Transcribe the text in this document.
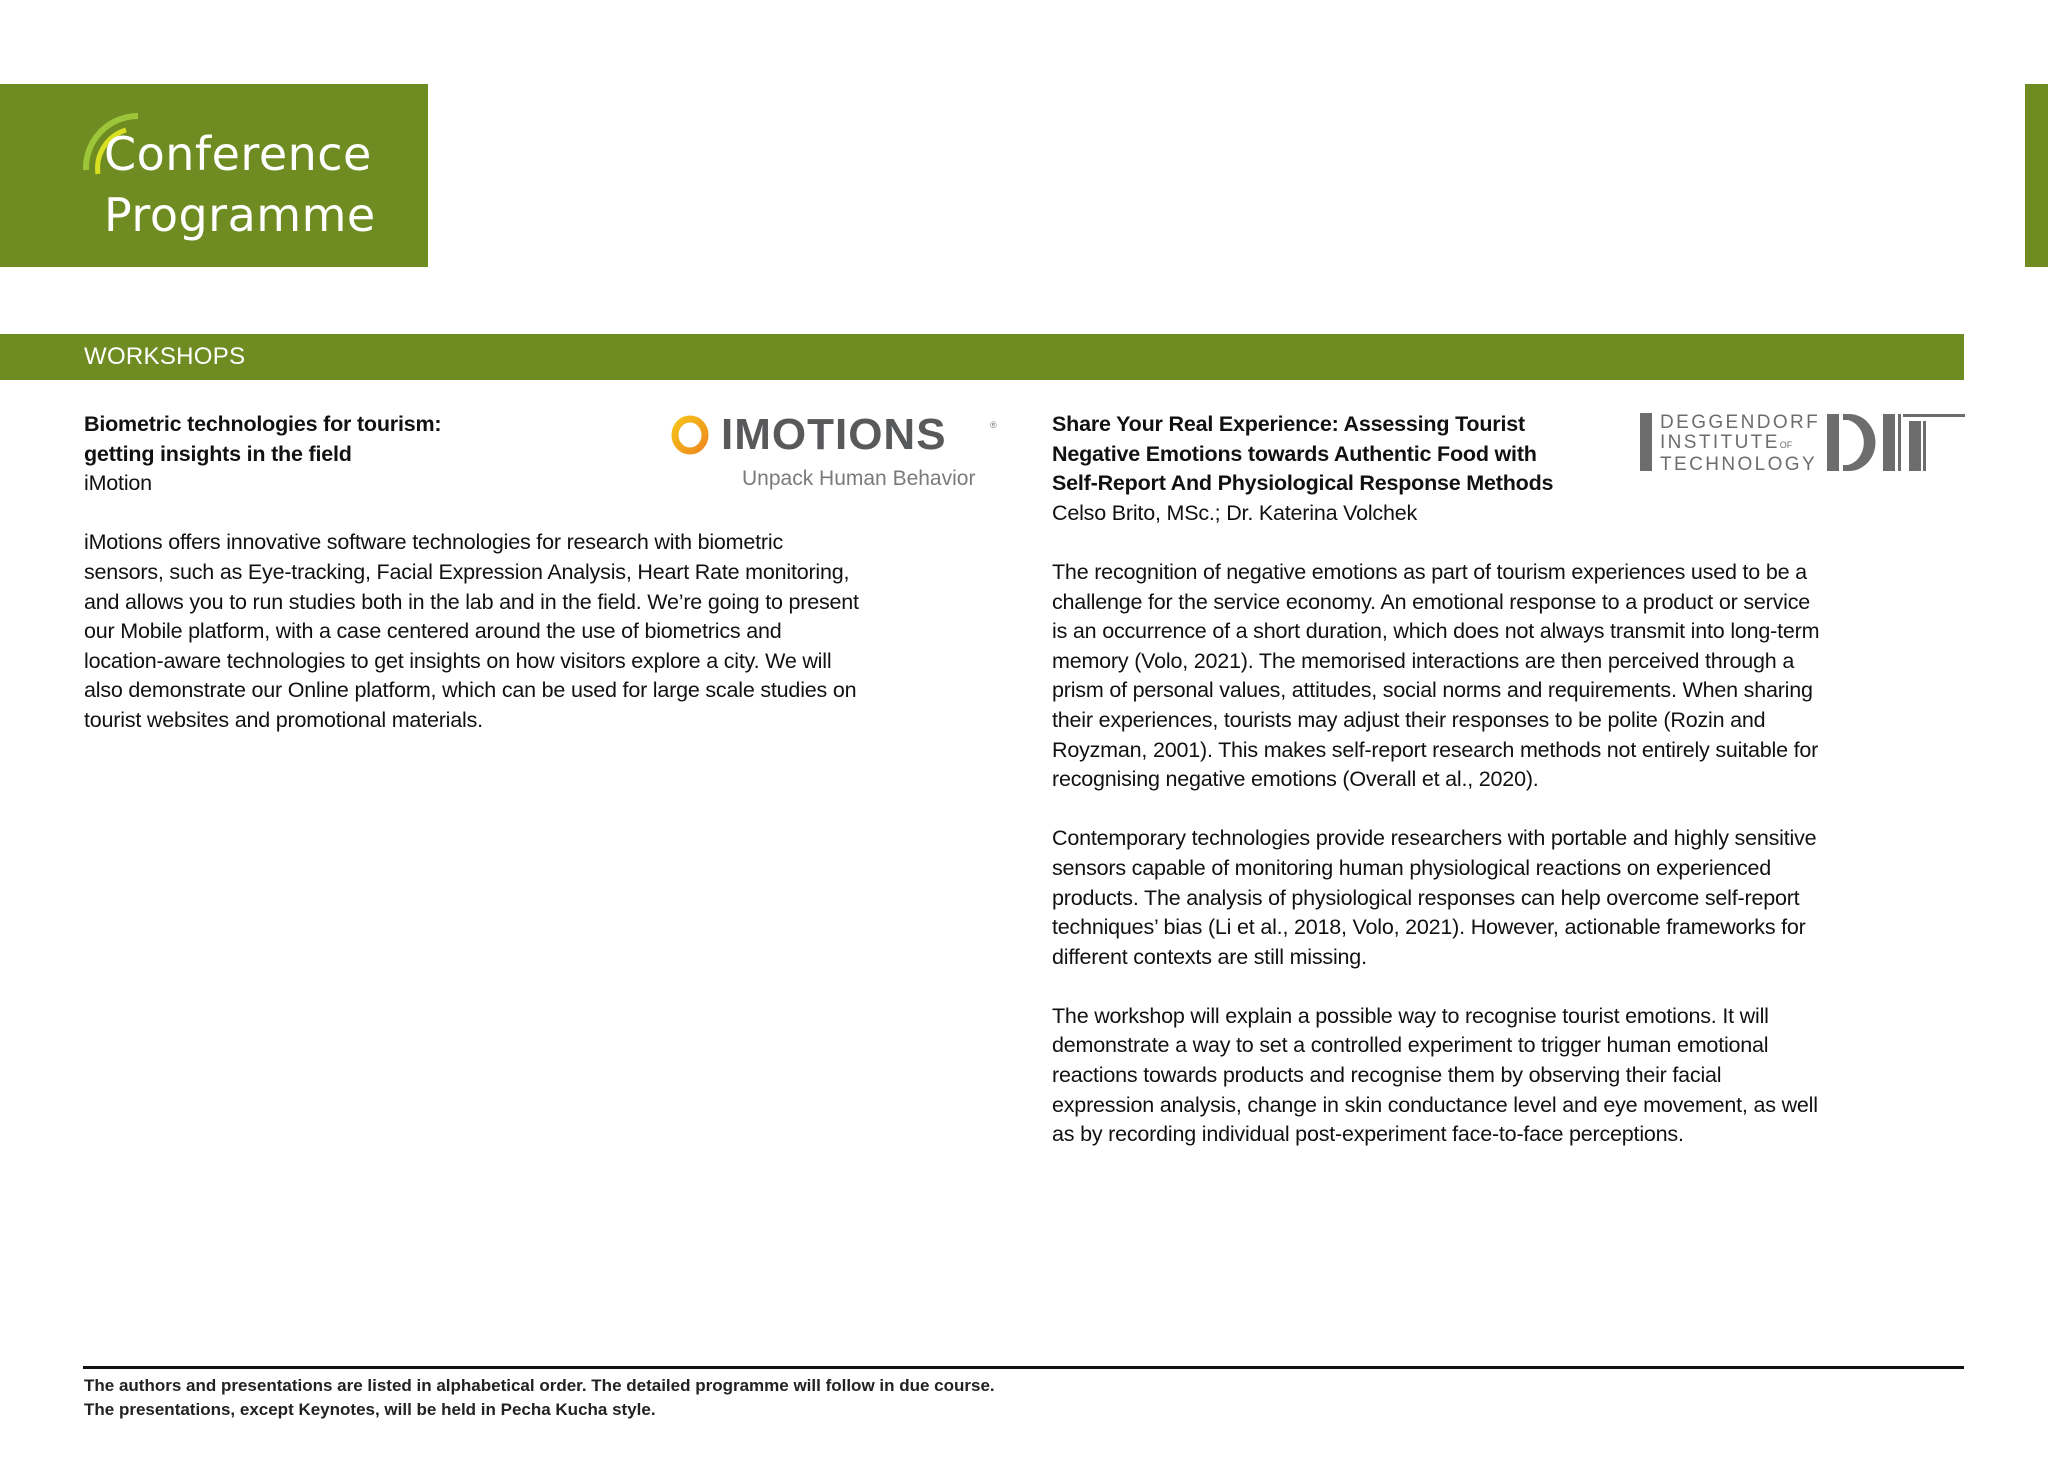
Conference
Programme
WORKSHOPS
Biometric technologies for tourism:
getting insights in the field
iMotion
iMotions offers innovative software technologies for research with biometric
sensors, such as Eye-tracking, Facial Expression Analysis, Heart Rate monitoring,
and allows you to run studies both in the lab and in the field. We’re going to present
our Mobile platform, with a case centered around the use of biometrics and
location-aware technologies to get insights on how visitors explore a city. We will
also demonstrate our Online platform, which can be used for large scale studies on
tourist websites and promotional materials.
IMOTIONS	®
Unpack Human Behavior
Share Your Real Experience: Assessing Tourist
Negative Emotions towards Authentic Food with
Self-Report And Physiological Response Methods
Celso Brito, MSc.; Dr. Katerina Volchek
The recognition of negative emotions as part of tourism experiences used to be a
challenge for the service economy. An emotional response to a product or service
is an occurrence of a short duration, which does not always transmit into long-term
memory (Volo, 2021). The memorised interactions are then perceived through a
prism of personal values, attitudes, social norms and requirements. When sharing
their experiences, tourists may adjust their responses to be polite (Rozin and
Royzman, 2001). This makes self-report research methods not entirely suitable for
recognising negative emotions (Overall et al., 2020).
Contemporary technologies provide researchers with portable and highly sensitive
sensors capable of monitoring human physiological reactions on experienced
products. The analysis of physiological responses can help overcome self-report
techniques’ bias (Li et al., 2018, Volo, 2021). However, actionable frameworks for
different contexts are still missing.
The workshop will explain a possible way to recognise tourist emotions. It will
demonstrate a way to set a controlled experiment to trigger human emotional
reactions towards products and recognise them by observing their facial
expression analysis, change in skin conductance level and eye movement, as well
as by recording individual post-experiment face-to-face perceptions.
DEGGENDORF
INSTITUTEOF
TECHNOLOGY
The authors and presentations are listed in alphabetical order. The detailed programme will follow in due course.
The presentations, except Keynotes, will be held in Pecha Kucha style.
